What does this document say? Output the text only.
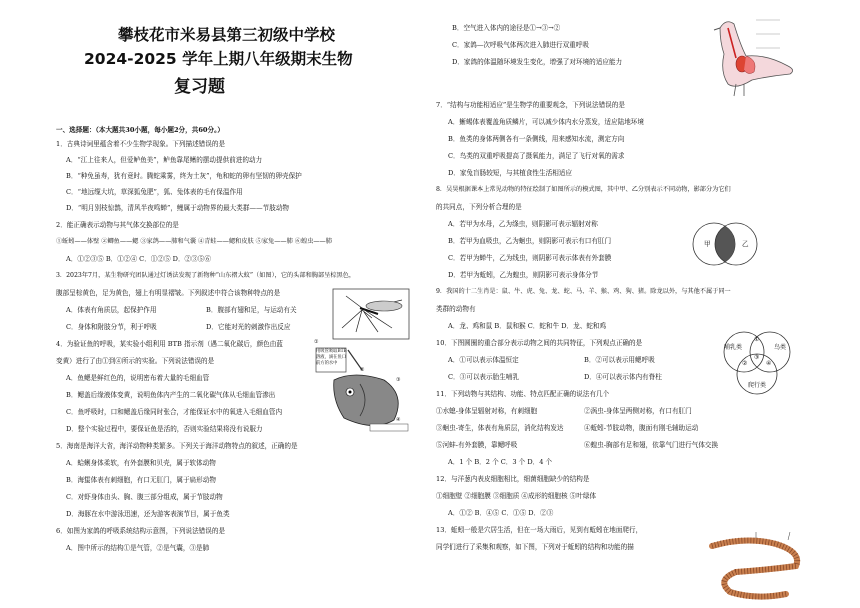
攀枝花市米易县第三初级中学校
2024-2025 学年上期八年级期末生物
复习题
一、选择题：（本大题共30小题，每小题2分，共60分。）
1．古典诗词里蕴含着不少生物学现象。下列描述错误的是
A．“江上往来人，但爱鲈鱼美”，鲈鱼靠尾鳍的摆动提供前进的动力
B．“种免虽寿，犹有竟时。腾蛇乘雾，终为土灰”，龟和蛇的卵有坚韧的卵壳保护
C．“地远缆大坑，草深狐兔肥”，狐、兔体表的毛有保温作用
D．“明月别枝惊鹊，清风半夜鸣蝉”，鲤属于动物界的最大类群——节肢动物
2．能正确表示动物与其气体交换部位的是
①蚯蚓——体壁 ②鲫鱼——鳃 ③家鸽——肺和气囊 ④青蛙——鳃和皮肤 ⑤家兔——肺 ⑥蝗虫——肺
A．①②③⑤ B．①②④ C．①②⑤ D．②③⑤⑥
3．2023年7月，某生物研究团队通过灯诱法发现了新物种“山东褶大蚊”（如图），它的头部和胸部呈棕黑色，
腹部呈棕黄色，足为黄色，翅上有明显褶皱。下列叙述中符合该物种特点的是
A．体表有角质层，起保护作用	B．腹部有翅和足，与运动有关
C．身体和附肢分节，利于呼吸	D．它能对光的刺激作出反应
4．为验证鱼的呼吸，某实验小组利用 BTB 指示剂（遇二氧化碳后，颜色由蓝
变黄）进行了由①到④所示的实验。下列说法错误的是
A．鱼鳃是鲜红色的，说明密布着大量的毛细血管
B．鳃盖后缘液体变黄，说明鱼体内产生的二氧化碳气体从毛细血管渗出
C．鱼呼吸时，口和鳃盖后缘同时张合，才能保证水中的氧进入毛细血管内
D．整个实验过程中，要保证鱼是活的，否则实验结果将没有说服力
5．海南是海洋大省，海洋动物种类繁多。下列关于海洋动物特点的叙述，正确的是
A．蛤蜊身体柔软，有外套膜和贝壳，属于软体动物
B．海蜇体表有刺细胞，有口无肛门，属于扁形动物
C．对虾身体由头、胸、腹三部分组成，属于节肢动物
D．海豚在水中游泳迅速，还为游客表演节目，属于鱼类
6．如图为家鸽的呼吸系统结构示意图，下列说法错误的是
A．图中所示的结构①是气管，②是气囊，③是肺
用吸管吸取BTB
溶液，滴在鱼口
前方的水中
①
②
③
④
B．空气进入体内的途径是①→③→②
C．家鸽—次呼吸气体两次进入肺进行双重呼吸
D．家鸽的体温随环境发生变化，增强了对环境的适应能力
7．“结构与功能相适应”是生物学的重要观念，下列说法错误的是
A．蜥蜴体表覆盖角质鳞片，可以减少体内水分蒸发，适应陆地环境
B．鱼类的身体两侧各有一条侧线，用来感知水流，测定方向
C．鸟类的双重呼吸提高了摄氧能力，满足了飞行对氧的需求
D．家兔盲肠较短，与其植食性生活相适应
8．吴昊根据课本上常见动物的特征绘制了如图所示的模式图，其中甲、乙分别表示不同动物，影部分为它们
的共同点，下列分析合理的是
A．若甲为水母，乙为绦虫，则阴影可表示辐射对称
B．若甲为血吸虫，乙为蛔虫，则阴影可表示有口有肛门
C．若甲为蝉牛，乙为线虫，则阴影可表示体表有外套膜
D．若甲为蚯蚓，乙为蝗虫，则阴影可表示身体分节
9．我国的十二生肖是：鼠、牛、虎、兔、龙、蛇、马、羊、猴、鸡、狗、猪。除龙以外，与其他不属于同一
类群的动物有
A．龙、鸡和鼠 B．鼠和猴 C．蛇和牛 D．龙、蛇和鸡
10．下图圆圈的重合部分表示动物之间的共同特征，下列观点正确的是
A．①可以表示体温恒定	B．②可以表示用鳃呼吸
C．③可以表示胎生哺乳	D．④可以表示体内有脊柱
11．下列动物与其结构、功能、特点匹配正确的说法有几个
①水螅-身体呈辐射对称，有刺细胞	②涡虫-身体呈两侧对称，有口有肛门
③蛔虫-寄生，体表有角质层，消化结构发达	④蚯蚓-节肢动物，腹面有刚毛辅助运动
⑤河蚌-有外套膜，靠鳃呼吸	⑥蝗虫-胸部有足和翅，依靠气门进行气体交换
A．1 个 B．2 个 C．3 个 D．4 个
12．与洋葱内表皮细胞相比，细菌细胞缺少的结构是
①细胞壁 ②细胞膜 ③细胞质 ④成形的细胞核 ⑤叶绿体
A．①② B．④⑤ C．①⑤ D．②③
13．蚯蚓一般是穴居生活，但在一场大雨后，见到有蚯蚓在地面爬行，
同学们进行了采集和观察，如下图，下列对于蚯蚓的结构和功能的描
甲	乙
哺乳类	鸟类
爬行类
①
②
③
④
